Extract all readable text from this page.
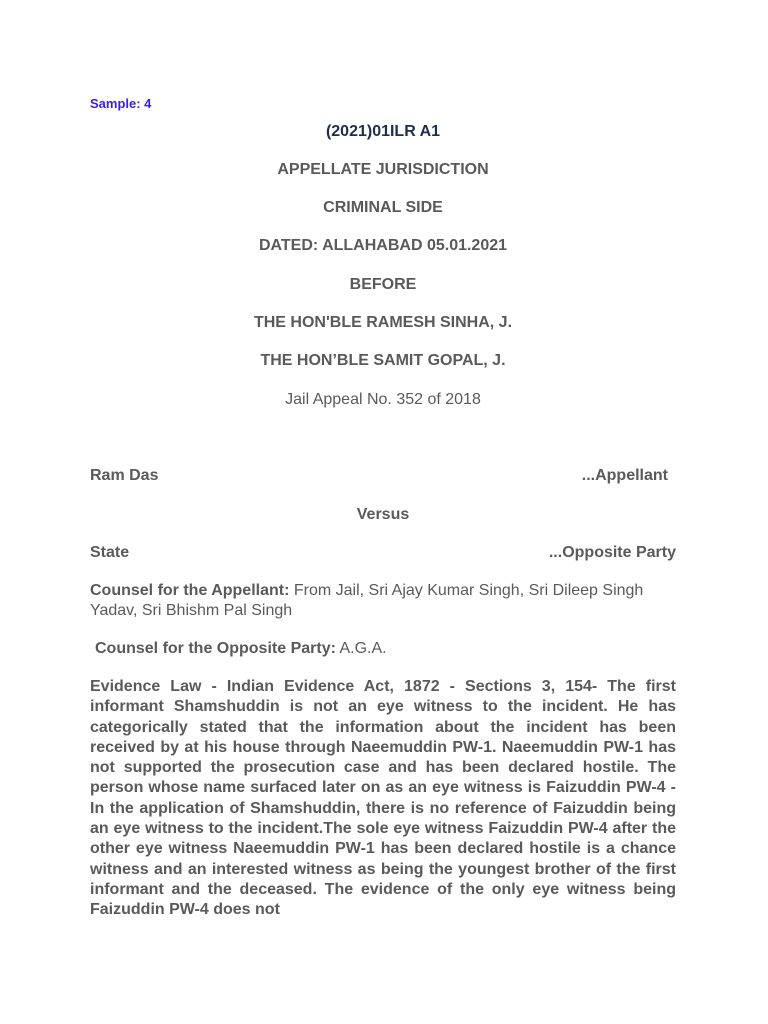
Sample: 4
(2021)01ILR A1
APPELLATE JURISDICTION
CRIMINAL SIDE
DATED: ALLAHABAD 05.01.2021
BEFORE
THE HON'BLE RAMESH SINHA, J.
THE HON’BLE SAMIT GOPAL, J.
Jail Appeal No. 352 of 2018
Ram Das	...Appellant
Versus
State	...Opposite Party
Counsel for the Appellant: From Jail, Sri Ajay Kumar Singh, Sri Dileep Singh Yadav, Sri Bhishm Pal Singh
Counsel for the Opposite Party: A.G.A.

Evidence Law - Indian Evidence Act, 1872 - Sections 3, 154- The first informant Shamshuddin is not an eye witness to the incident. He has categorically stated that the information about the incident has been received by at his house through Naeemuddin PW-1. Naeemuddin PW-1 has not supported the prosecution case and has been declared hostile. The person whose name surfaced later on as an eye witness is Faizuddin PW-4 - In the application of Shamshuddin, there is no reference of Faizuddin being an eye witness to the incident.The sole eye witness Faizuddin PW-4 after the other eye witness Naeemuddin PW-1 has been declared hostile is a chance witness and an interested witness as being the youngest brother of the first informant and the deceased. The evidence of the only eye witness being Faizuddin PW-4 does not
